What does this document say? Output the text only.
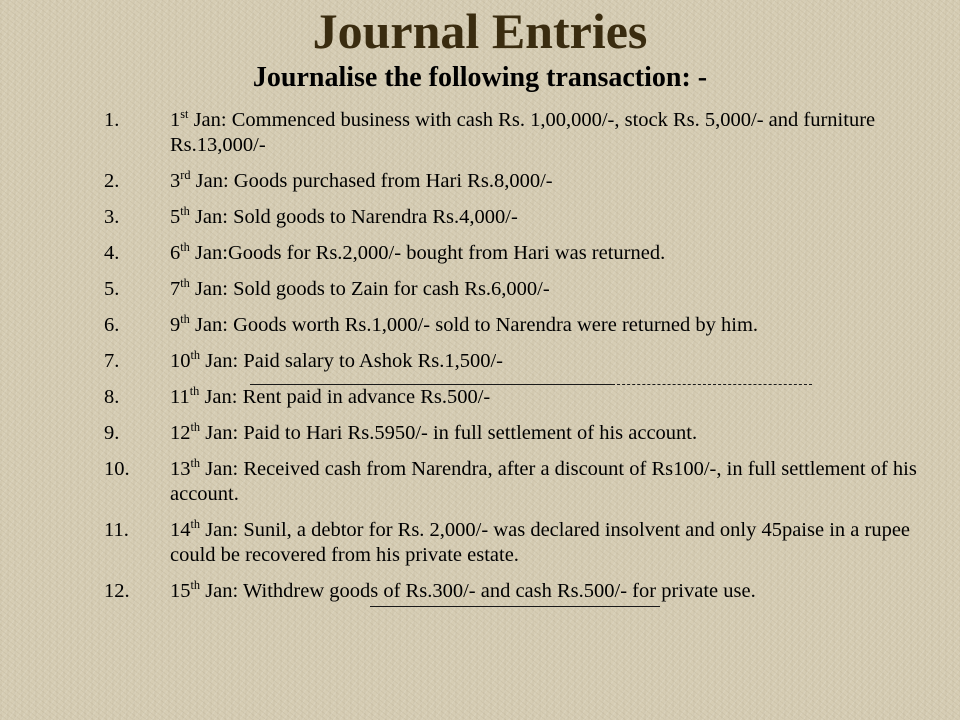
Journal Entries
Journalise the following transaction: -
1.	1st Jan: Commenced business with cash Rs. 1,00,000/-, stock Rs. 5,000/- and furniture Rs.13,000/-
2.	3rd Jan: Goods purchased from Hari Rs.8,000/-
3.	5th Jan: Sold goods to Narendra Rs.4,000/-
4.	6th Jan:Goods for Rs.2,000/- bought from Hari was returned.
5.	7th Jan: Sold goods to Zain for cash Rs.6,000/-
6.	9th Jan: Goods worth Rs.1,000/- sold to Narendra were returned by him.
7.	10th Jan: Paid salary to Ashok Rs.1,500/-
8.	11th Jan: Rent paid in advance Rs.500/-
9.	12th Jan: Paid to Hari Rs.5950/- in full settlement of his account.
10.	13th Jan: Received cash from Narendra, after a discount of Rs100/-, in full settlement of his account.
11.	14th Jan: Sunil, a debtor for Rs. 2,000/- was declared insolvent and only 45paise in a rupee could be recovered from his private estate.
12.	15th Jan: Withdrew goods of Rs.300/- and cash Rs.500/- for private use.
